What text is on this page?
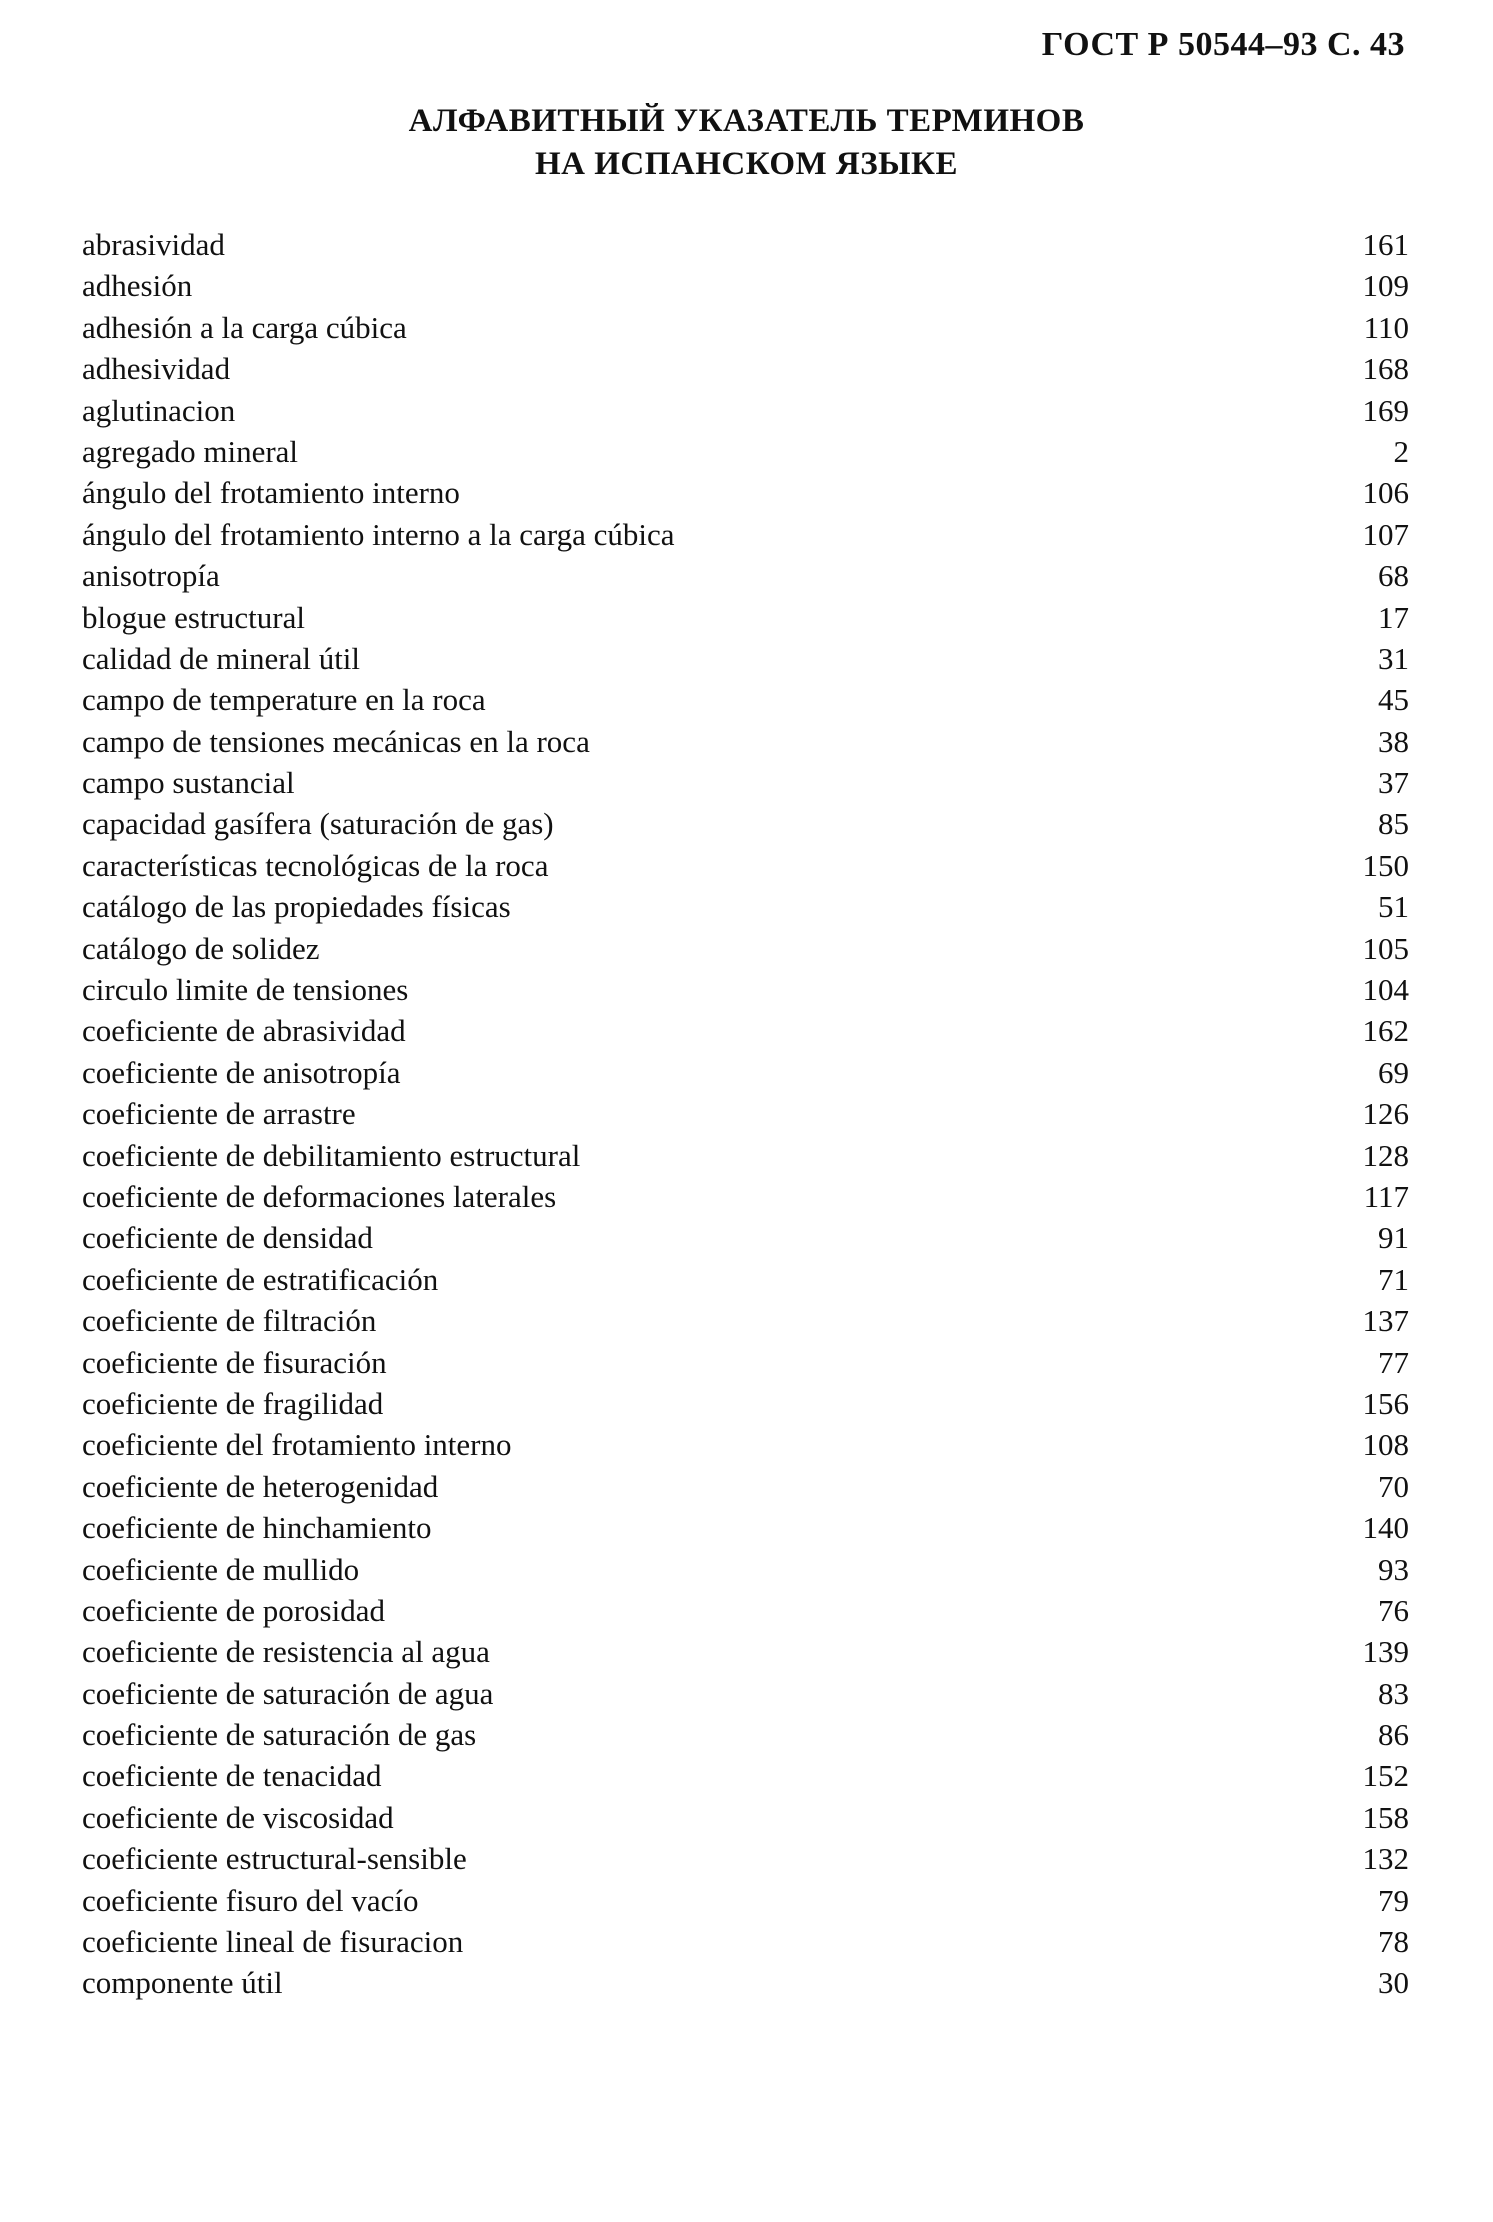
ГОСТ Р 50544–93 С. 43
АЛФАВИТНЫЙ УКАЗАТЕЛЬ ТЕРМИНОВ
НА ИСПАНСКОМ ЯЗЫКЕ
abrasividad	161
adhesión	109
adhesión a la carga cúbica	110
adhesividad	168
aglutinacion	169
agregado mineral	2
ángulo del frotamiento interno	106
ángulo del frotamiento interno a la carga cúbica	107
anisotropía	68
blogue estructural	17
calidad de mineral útil	31
campo de temperature en la roca	45
campo de tensiones mecánicas en la roca	38
campo sustancial	37
capacidad gasífera (saturación de gas)	85
características tecnológicas de la roca	150
catálogo de las propiedades físicas	51
catálogo de solidez	105
circulo limite de tensiones	104
coeficiente de abrasividad	162
coeficiente de anisotropía	69
coeficiente de arrastre	126
coeficiente de debilitamiento estructural	128
coeficiente de deformaciones laterales	117
coeficiente de densidad	91
coeficiente de estratificación	71
coeficiente de filtración	137
coeficiente de fisuración	77
coeficiente de fragilidad	156
coeficiente del frotamiento interno	108
coeficiente de heterogenidad	70
coeficiente de hinchamiento	140
coeficiente de mullido	93
coeficiente de porosidad	76
coeficiente de resistencia al agua	139
coeficiente de saturación de agua	83
coeficiente de saturación de gas	86
coeficiente de tenacidad	152
coeficiente de viscosidad	158
coeficiente estructural-sensible	132
coeficiente fisuro del vacío	79
coeficiente lineal de fisuracion	78
componente útil	30
